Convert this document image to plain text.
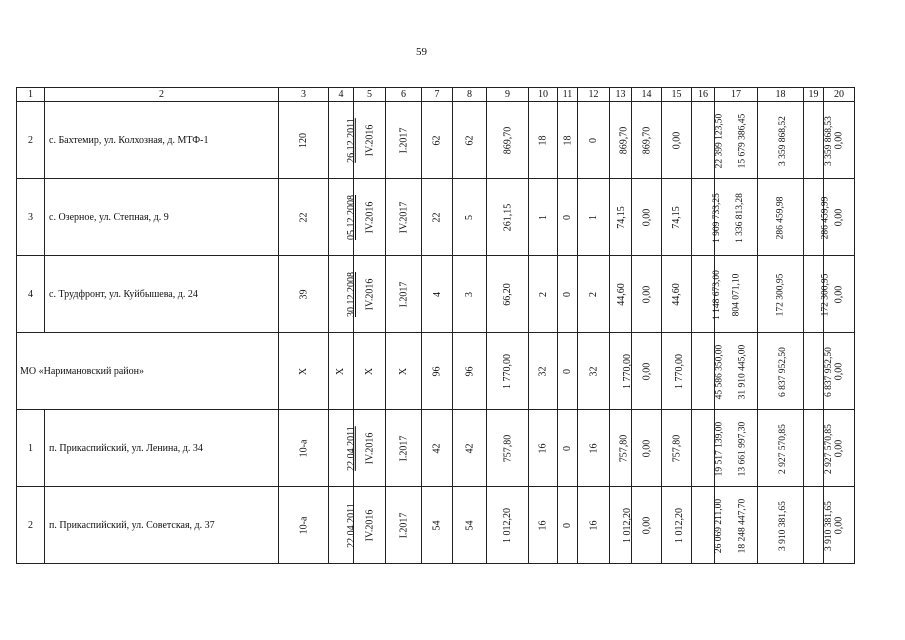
59
1	2	3	4	5	6	7	8	9	10	11	12	13	14	15	16	17	18	19	20
2	с. Бахтемир, ул. Колхозная, д. МТФ-1	120	26.12.2011	IV.2016	I.2017	62	62	869,70	18	18	0	869,70	869,70	0,00	22 399 123,50	15 679 386,45	3 359 868,52	3 359 868,53	0,00
3	с. Озерное, ул. Степная, д. 9	22	05.12.2008	IV.2016	IV.2017	22	5	261,15	1	0	1	74,15	0,00	74,15	1 909 733,25	1 336 813,28	286 459,98	286 459,99	0,00
4	с. Трудфронт, ул. Куйбышева, д. 24	39	30.12.2008	IV.2016	I.2017	4	3	66,20	2	0	2	44,60	0,00	44,60	1 148 673,00	804 071,10	172 300,95	172 300,95	0,00
МО «Наримановский район»		X	X	X	X	96	96	1 770,00	32	0	32	1 770,00	0,00	1 770,00	45 586 350,00	31 910 445,00	6 837 952,50	6 837 952,50	0,00
1	п. Прикаспийский, ул. Ленина, д. 34	10-а	22.04.2011	IV.2016	I.2017	42	42	757,80	16	0	16	757,80	0,00	757,80	19 517 139,00	13 661 997,30	2 927 570,85	2 927 570,85	0,00
2	п. Прикаспийский, ул. Советская, д. 37	10-а	22.04.2011	IV.2016	I.2017	54	54	1 012,20	16	0	16	1 012,20	0,00	1 012,20	26 069 211,00	18 248 447,70	3 910 381,65	3 910 381,65	0,00
